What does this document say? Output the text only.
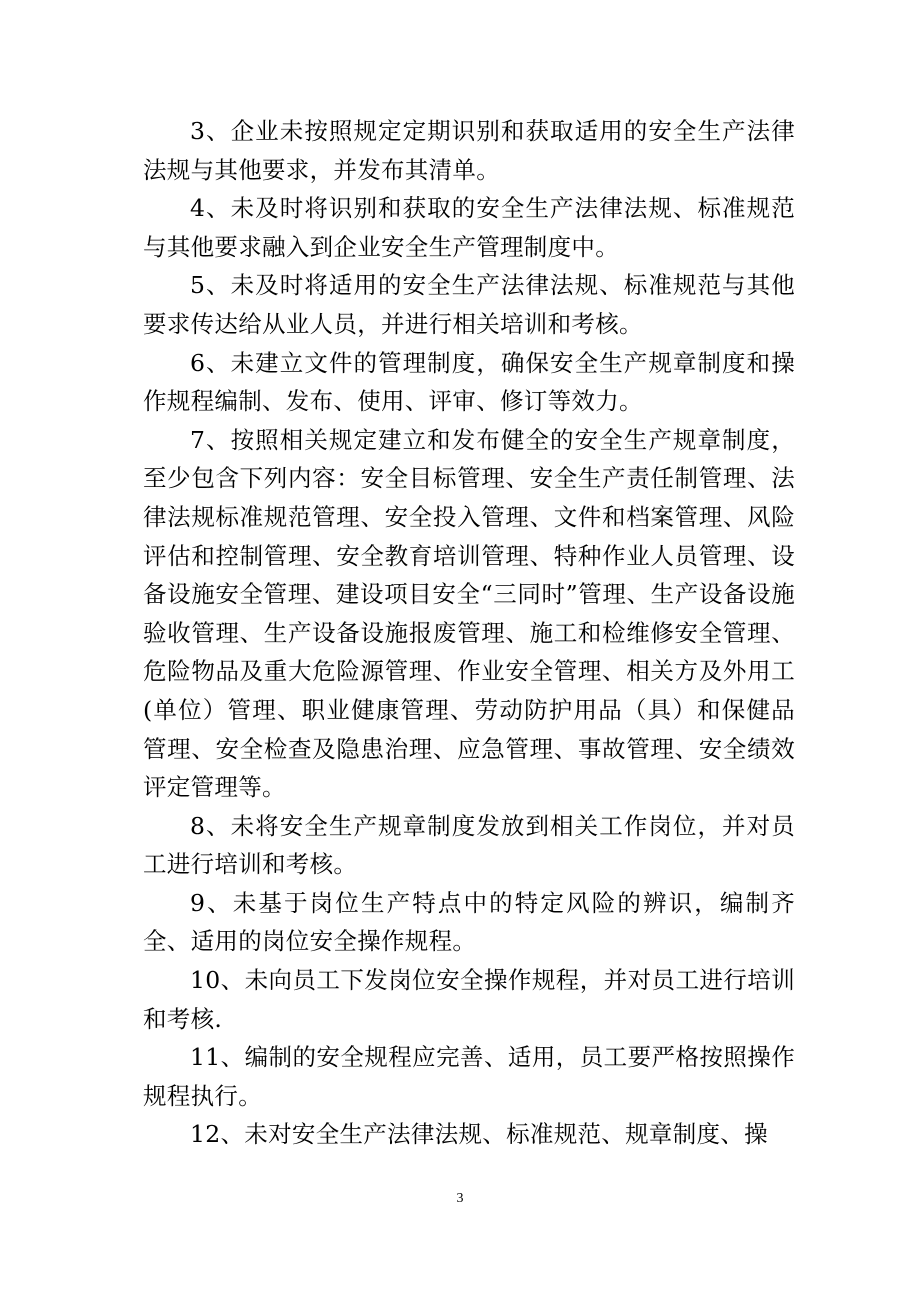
3、企业未按照规定定期识别和获取适用的安全生产法律法规与其他要求，并发布其清单。

4、未及时将识别和获取的安全生产法律法规、标准规范与其他要求融入到企业安全生产管理制度中。

5、未及时将适用的安全生产法律法规、标准规范与其他要求传达给从业人员，并进行相关培训和考核。

6、未建立文件的管理制度，确保安全生产规章制度和操作规程编制、发布、使用、评审、修订等效力。

7、按照相关规定建立和发布健全的安全生产规章制度，至少包含下列内容：安全目标管理、安全生产责任制管理、法律法规标准规范管理、安全投入管理、文件和档案管理、风险评估和控制管理、安全教育培训管理、特种作业人员管理、设备设施安全管理、建设项目安全“三同时”管理、生产设备设施验收管理、生产设备设施报废管理、施工和检维修安全管理、危险物品及重大危险源管理、作业安全管理、相关方及外用工(单位）管理、职业健康管理、劳动防护用品（具）和保健品管理、安全检查及隐患治理、应急管理、事故管理、安全绩效评定管理等。

8、未将安全生产规章制度发放到相关工作岗位，并对员工进行培训和考核。

9、未基于岗位生产特点中的特定风险的辨识，编制齐全、适用的岗位安全操作规程。

10、未向员工下发岗位安全操作规程，并对员工进行培训和考核.

11、编制的安全规程应完善、适用，员工要严格按照操作规程执行。

12、未对安全生产法律法规、标准规范、规章制度、操

3
